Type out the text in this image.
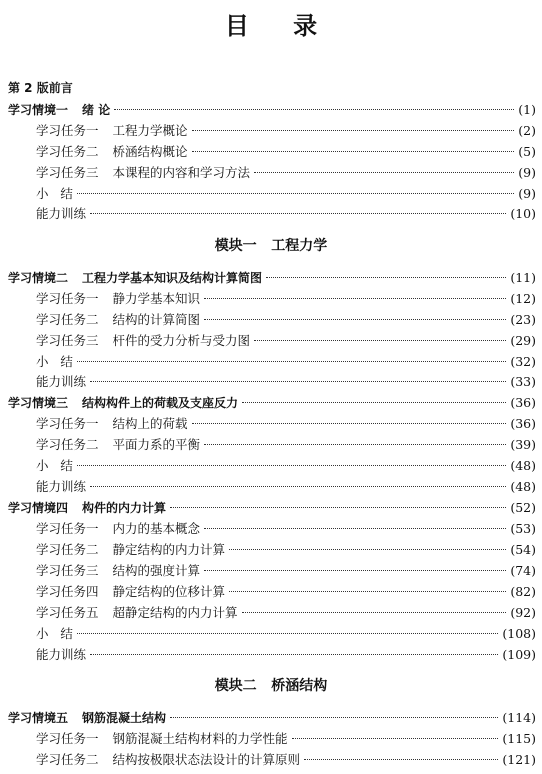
目 录
第 2 版前言
学习情境一 绪 论	(1)
学习任务一 工程力学概论	(2)
学习任务二 桥涵结构概论	(5)
学习任务三 本课程的内容和学习方法	(9)
小   结	(9)
能力训练	(10)
模块一   工程力学
学习情境二 工程力学基本知识及结构计算简图	(11)
学习任务一 静力学基本知识	(12)
学习任务二 结构的计算简图	(23)
学习任务三 杆件的受力分析与受力图	(29)
小   结	(32)
能力训练	(33)
学习情境三 结构构件上的荷载及支座反力	(36)
学习任务一 结构上的荷载	(36)
学习任务二 平面力系的平衡	(39)
小   结	(48)
能力训练	(48)
学习情境四 构件的内力计算	(52)
学习任务一 内力的基本概念	(53)
学习任务二 静定结构的内力计算	(54)
学习任务三 结构的强度计算	(74)
学习任务四 静定结构的位移计算	(82)
学习任务五 超静定结构的内力计算	(92)
小   结	(108)
能力训练	(109)
模块二   桥涵结构
学习情境五 钢筋混凝土结构	(114)
学习任务一 钢筋混凝土结构材料的力学性能	(115)
学习任务二 结构按极限状态法设计的计算原则	(121)
